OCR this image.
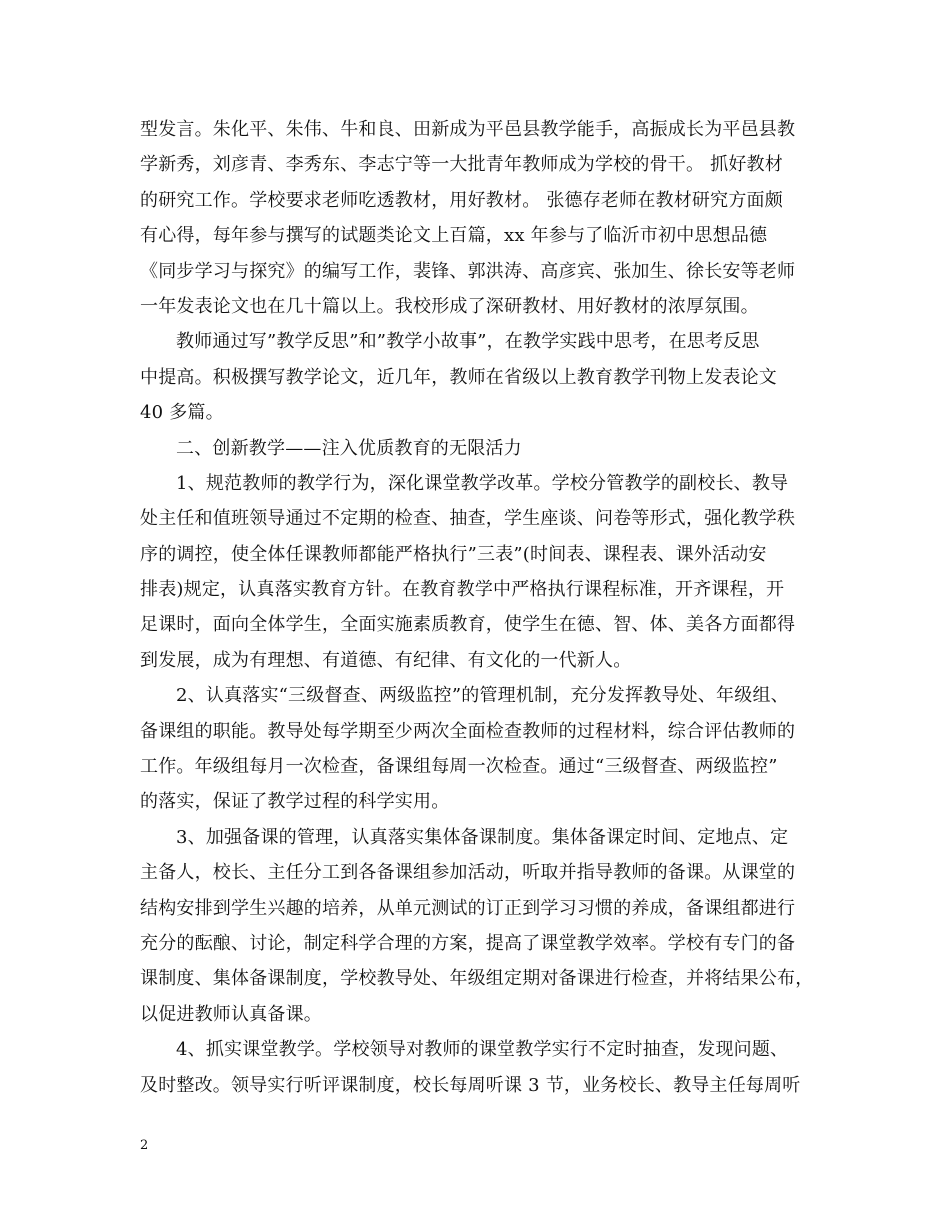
型发言。朱化平、朱伟、牛和良、田新成为平邑县教学能手，高振成长为平邑县教
学新秀，刘彦青、李秀东、李志宁等一大批青年教师成为学校的骨干。 抓好教材
的研究工作。学校要求老师吃透教材，用好教材。 张德存老师在教材研究方面颇
有心得，每年参与撰写的试题类论文上百篇，xx 年参与了临沂市初中思想品德
《同步学习与探究》的编写工作，裴锋、郭洪涛、高彦宾、张加生、徐长安等老师
一年发表论文也在几十篇以上。我校形成了深研教材、用好教材的浓厚氛围。
教师通过写”教学反思”和”教学小故事”，在教学实践中思考，在思考反思
中提高。积极撰写教学论文，近几年，教师在省级以上教育教学刊物上发表论文
40 多篇。
二、创新教学——注入优质教育的无限活力
1、规范教师的教学行为，深化课堂教学改革。学校分管教学的副校长、教导
处主任和值班领导通过不定期的检查、抽查，学生座谈、问卷等形式，强化教学秩
序的调控，使全体任课教师都能严格执行”三表”(时间表、课程表、课外活动安
排表)规定，认真落实教育方针。在教育教学中严格执行课程标准，开齐课程，开
足课时，面向全体学生，全面实施素质教育，使学生在德、智、体、美各方面都得
到发展，成为有理想、有道德、有纪律、有文化的一代新人。
2、认真落实“三级督查、两级监控”的管理机制，充分发挥教导处、年级组、
备课组的职能。教导处每学期至少两次全面检查教师的过程材料，综合评估教师的
工作。年级组每月一次检查，备课组每周一次检查。通过“三级督查、两级监控”
的落实，保证了教学过程的科学实用。
3、加强备课的管理，认真落实集体备课制度。集体备课定时间、定地点、定
主备人，校长、主任分工到各备课组参加活动，听取并指导教师的备课。从课堂的
结构安排到学生兴趣的培养，从单元测试的订正到学习习惯的养成，备课组都进行
充分的酝酿、讨论，制定科学合理的方案，提高了课堂教学效率。学校有专门的备
课制度、集体备课制度，学校教导处、年级组定期对备课进行检查，并将结果公布，
以促进教师认真备课。
4、抓实课堂教学。学校领导对教师的课堂教学实行不定时抽查，发现问题、
及时整改。领导实行听评课制度，校长每周听课 3 节，业务校长、教导主任每周听
2
